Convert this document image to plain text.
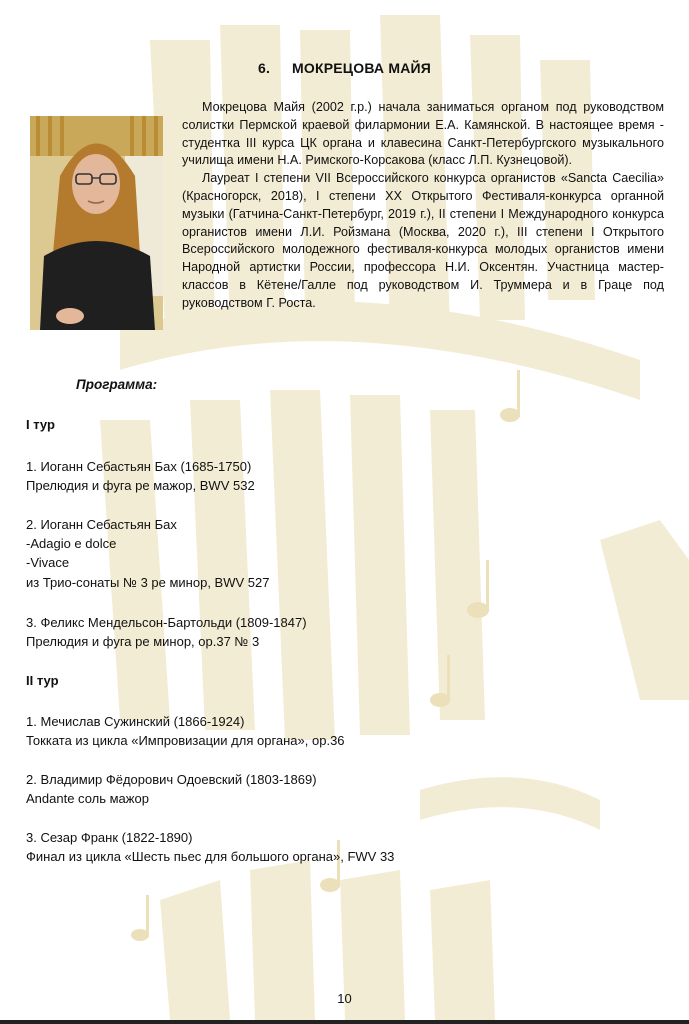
6. МОКРЕЦОВА МАЙЯ

Мокрецова Майя (2002 г.р.) начала заниматься органом под руководством солистки Пермской краевой филармонии Е.А. Камянской. В настоящее время - студентка III курса ЦК органа и клавесина Санкт-Петербургского музыкального училища имени Н.А. Римского-Корсакова (класс Л.П. Кузнецовой).

Лауреат I степени VII Всероссийского конкурса органистов «Sancta Caecilia» (Красногорск, 2018), I степени XX Открытого Фестиваля-конкурса органной музыки (Гатчина-Санкт-Петербург, 2019 г.), II степени I Международного конкурса органистов имени Л.И. Ройзмана (Москва, 2020 г.), III степени I Открытого Всероссийского молодежного фестиваля-конкурса молодых органистов имени Народной артистки России, профессора Н.И. Оксентян. Участница мастер-классов в Кётене/Галле под руководством И. Труммера и в Граце под руководством Г. Роста.

Программа:
I тур
1. Иоганн Себастьян Бах (1685-1750)
Прелюдия и фуга ре мажор, BWV 532
2. Иоганн Себастьян Бах
-Adagio e dolce
-Vivace
из Трио-сонаты № 3 ре минор, BWV 527
3. Феликс Мендельсон-Бартольди (1809-1847)
Прелюдия и фуга ре минор, op.37 № 3
II тур
1. Мечислав Сужинский (1866-1924)
Токката из цикла «Импровизации для органа», op.36
2. Владимир Фёдорович Одоевский (1803-1869)
Andante соль мажор
3. Сезар Франк (1822-1890)
Финал из цикла «Шесть пьес для большого органа», FWV 33
10
